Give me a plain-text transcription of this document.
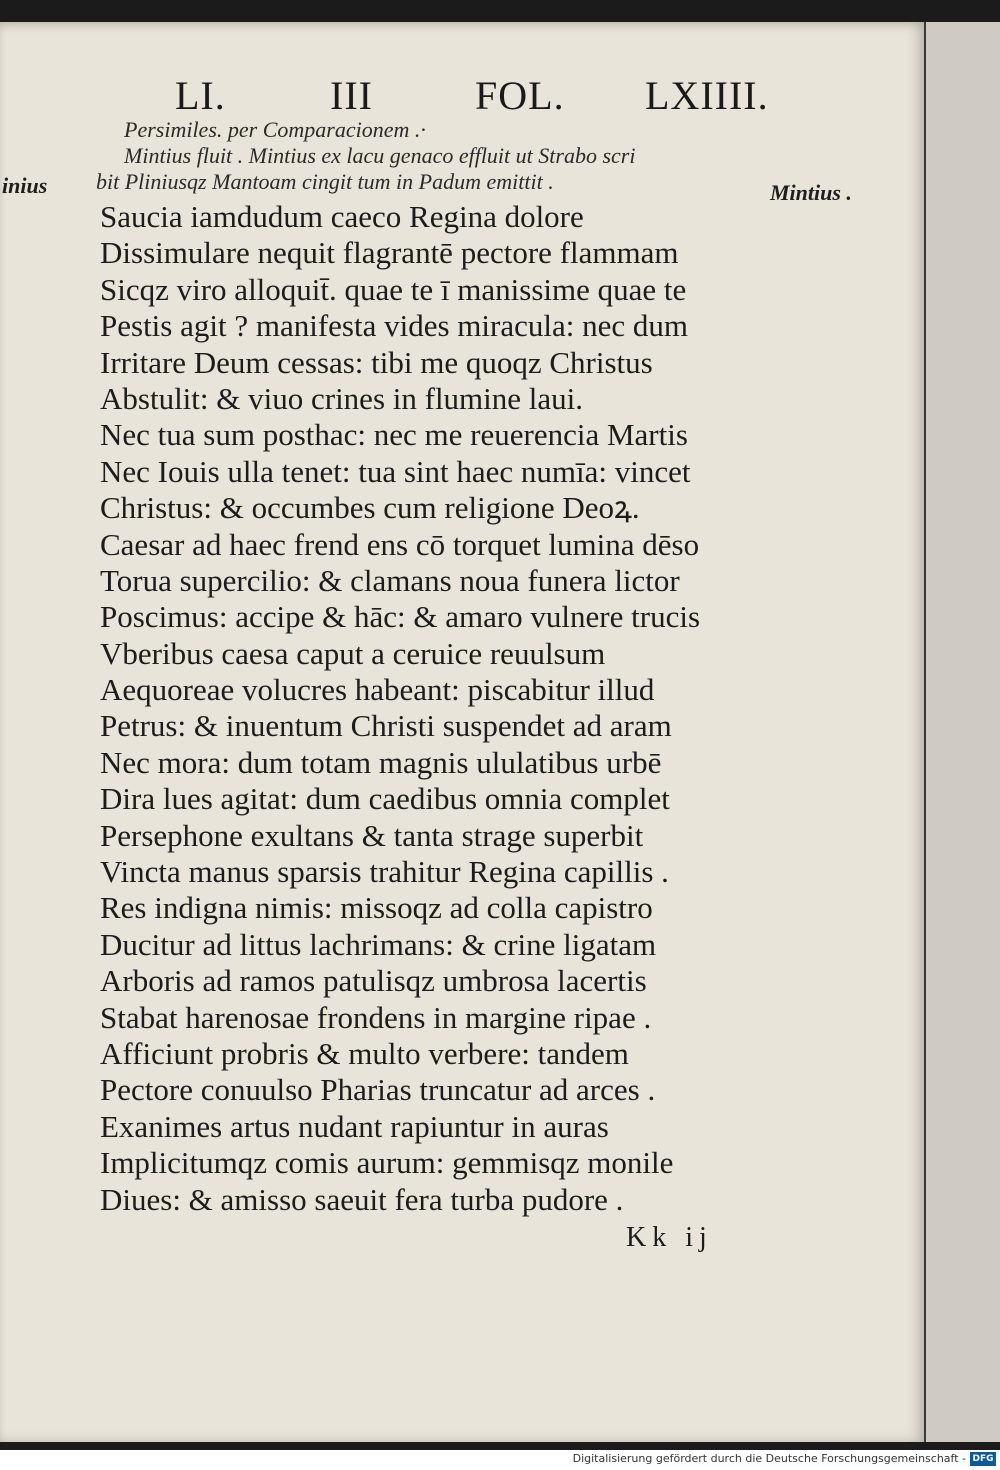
LI.	III	FOL. LXIIII.
Persimiles. per Comparacionem .·
Mintius fluit . Mintius ex lacu genaco effluit ut Strabo scri
bit Pliniusqz Mantoam cingit tum in Padum emittit .
inius	Mintius .
Saucia iamdudum caeco Regina dolore
Dissimulare nequit flagrantē pectore flammam
Sicqz viro alloquit̄. quae te ī manissime quae te
Pestis agit ? manifesta vides miracula: nec dum
Irritare Deum cessas: tibi me quoqz Christus
Abstulit: & viuo crines in flumine laui.
Nec tua sum posthac: nec me reuerencia Martis
Nec Iouis ulla tenet: tua sint haec numīa: vincet
Christus: & occumbes cum religione Deoꝝ.
Caesar ad haec frend ens cō torquet lumina dēso
Torua supercilio: & clamans noua funera lictor
Poscimus: accipe & hāc: & amaro vulnere trucis
Vberibus caesa caput a ceruice reuulsum
Aequoreae volucres habeant: piscabitur illud
Petrus: & inuentum Christi suspendet ad aram
Nec mora: dum totam magnis ululatibus urbē
Dira lues agitat: dum caedibus omnia complet
Persephone exultans & tanta strage superbit
Vincta manus sparsis trahitur Regina capillis .
Res indigna nimis: missoqz ad colla capistro
Ducitur ad littus lachrimans: & crine ligatam
Arboris ad ramos patulisqz umbrosa lacertis
Stabat harenosae frondens in margine ripae .
Afficiunt probris & multo verbere: tandem
Pectore conuulso Pharias truncatur ad arces .
Exanimes artus nudant rapiuntur in auras
Implicitumqz comis aurum: gemmisqz monile
Diues: & amisso saeuit fera turba pudore .
Kk ij
Digitalisierung gefördert durch die Deutsche Forschungsgemeinschaft - DFG
